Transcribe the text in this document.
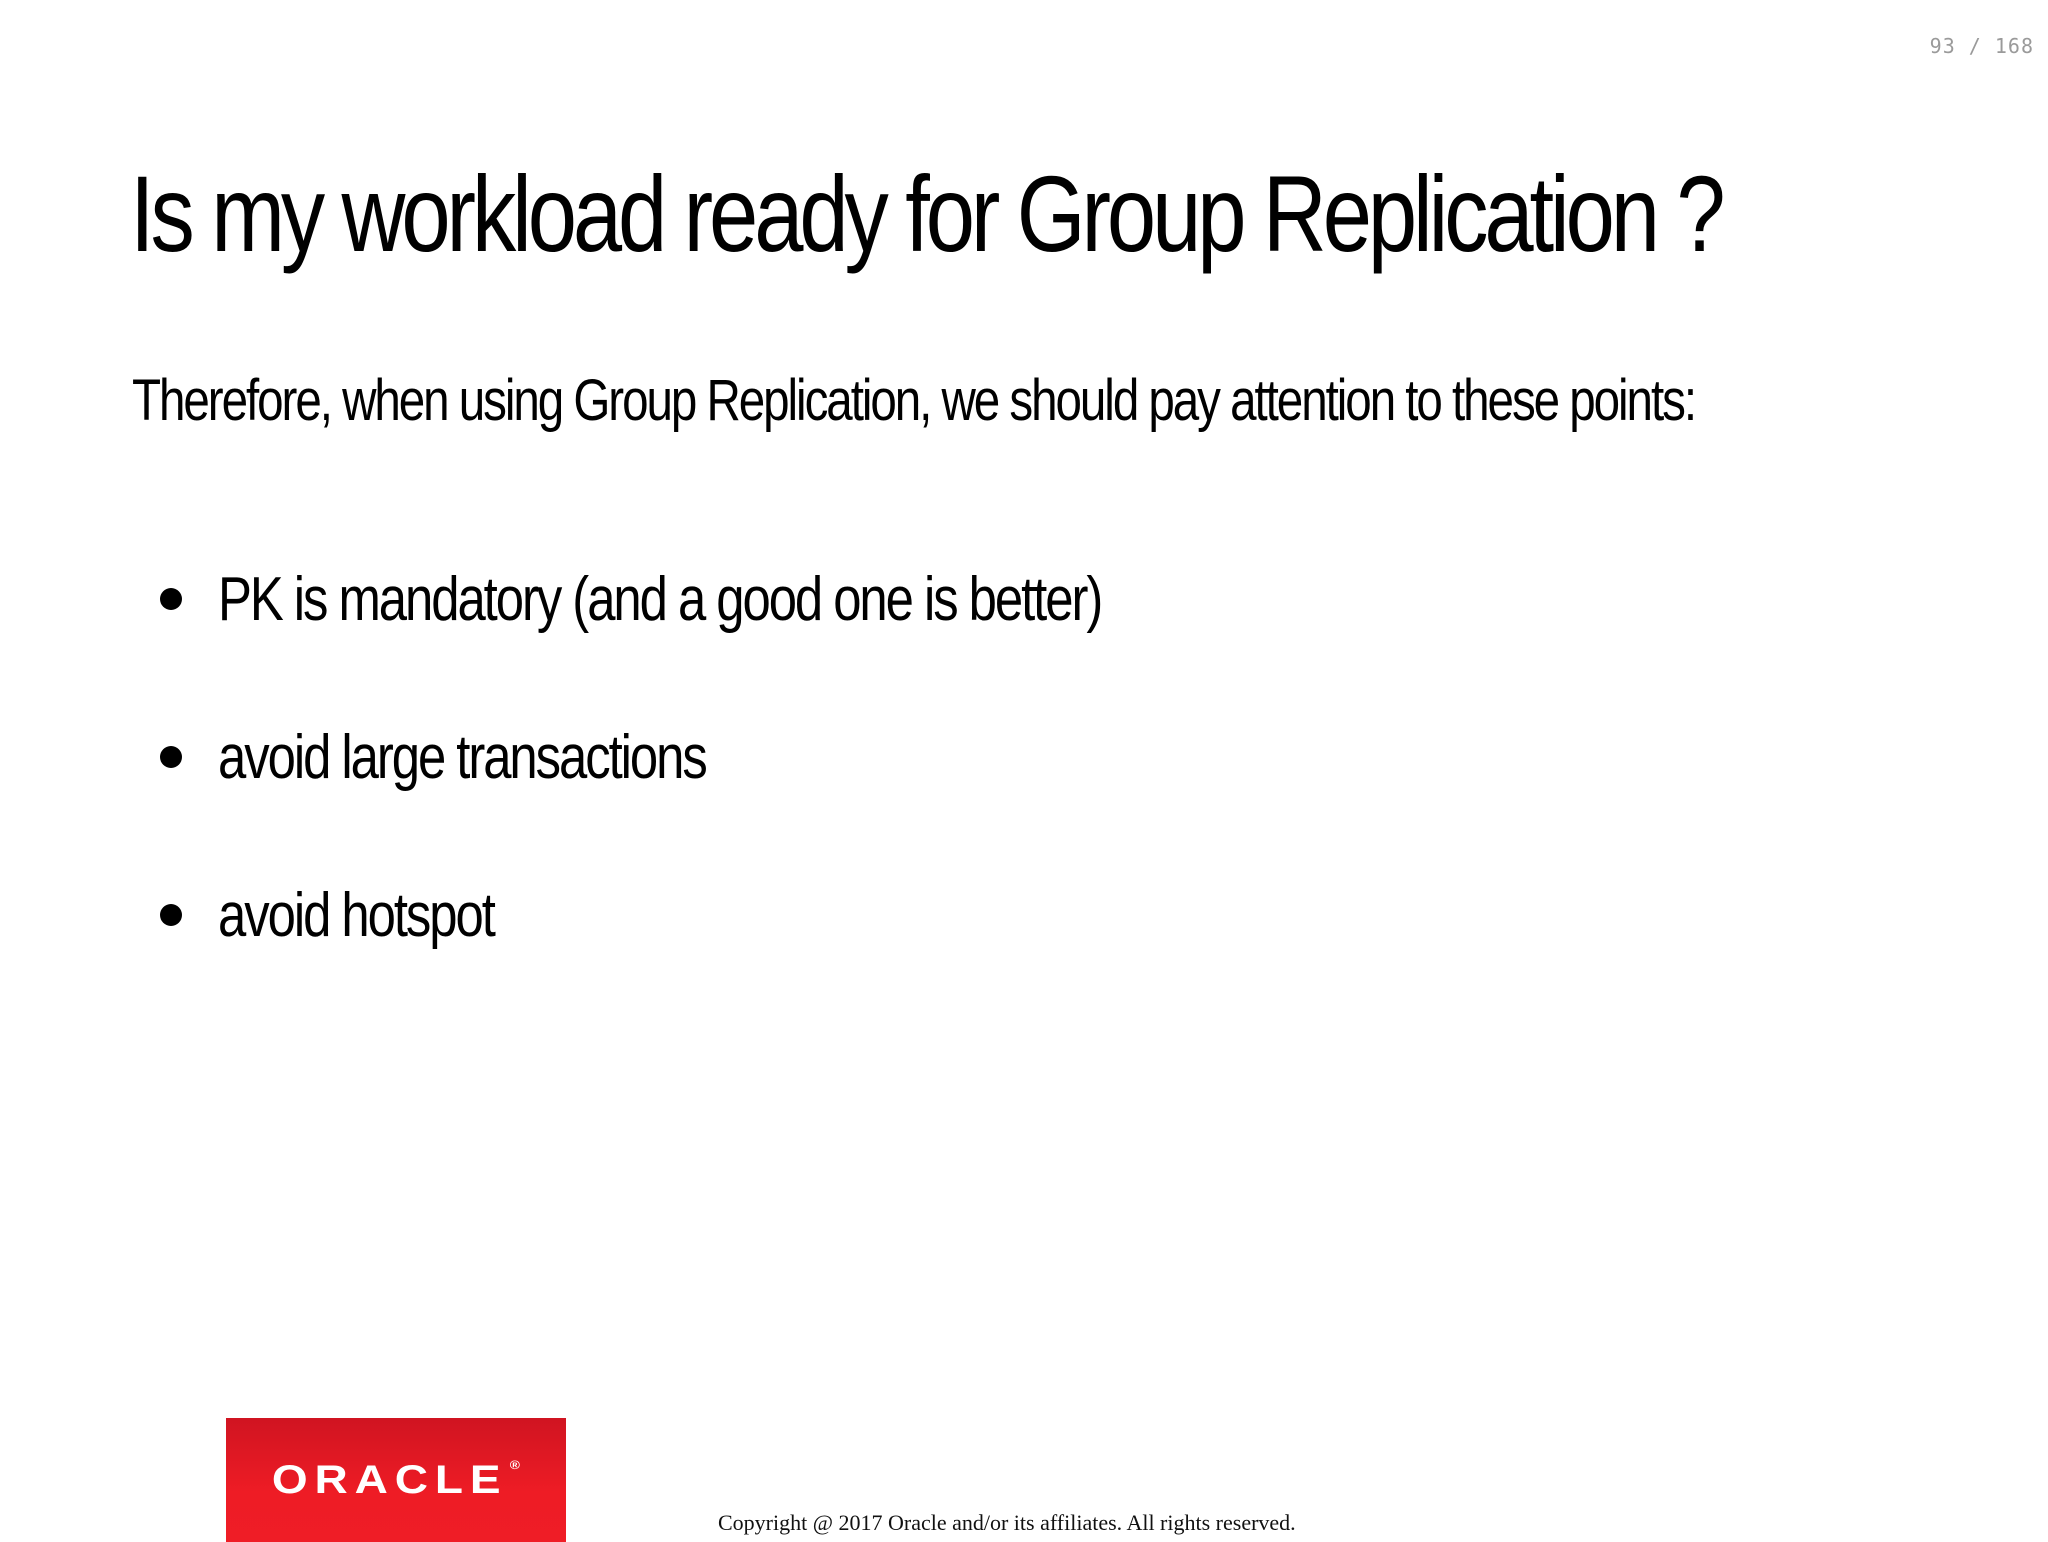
93 / 168
Is my workload ready for Group Replication ?

Therefore, when using Group Replication, we should pay attention to these points:

PK is mandatory (and a good one is better)
avoid large transactions
avoid hotspot
ORACLE ®
Copyright @ 2017 Oracle and/or its affiliates. All rights reserved.
